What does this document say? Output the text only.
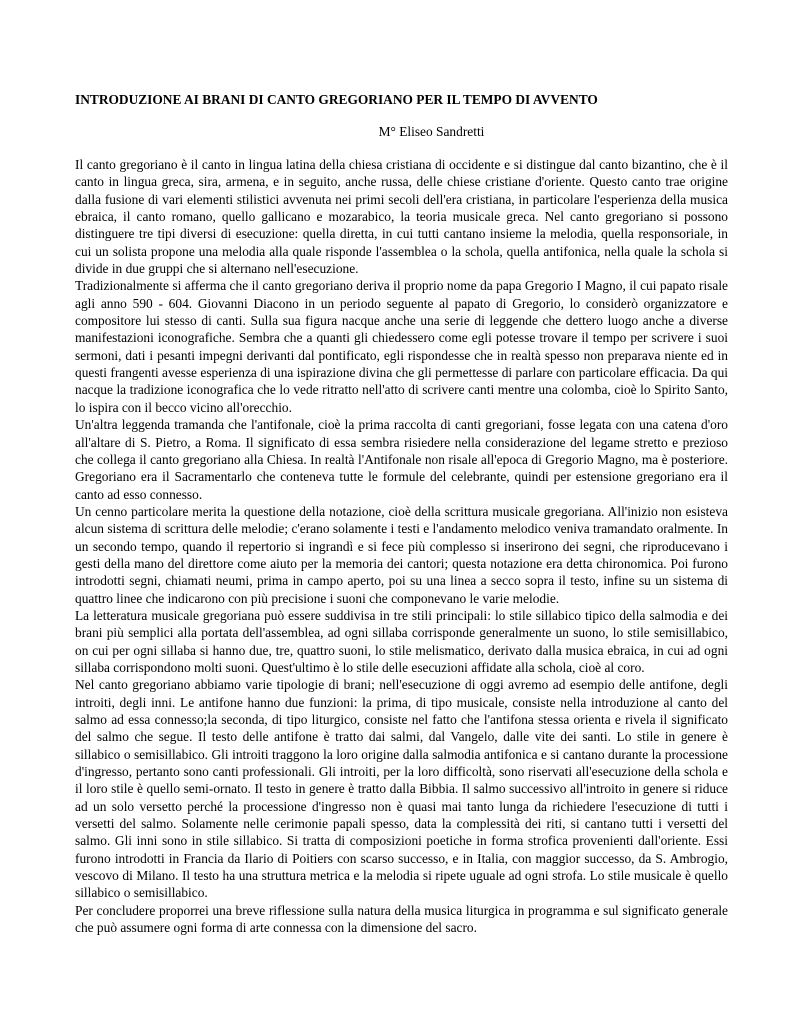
INTRODUZIONE AI BRANI DI CANTO GREGORIANO PER IL TEMPO DI AVVENTO
M° Eliseo Sandretti

Il canto gregoriano è il canto in lingua latina della chiesa cristiana di occidente e si distingue dal canto bizantino, che è il canto in lingua greca, sira, armena, e in seguito, anche russa, delle chiese cristiane d'oriente. Questo canto trae origine dalla fusione di vari elementi stilistici avvenuta nei primi secoli dell'era cristiana, in particolare l'esperienza della musica ebraica, il canto romano, quello gallicano e mozarabico, la teoria musicale greca. Nel canto gregoriano si possono distinguere tre tipi diversi di esecuzione: quella diretta, in cui tutti cantano insieme la melodia, quella responsoriale, in cui un solista propone una melodia alla quale risponde l'assemblea o la schola, quella antifonica, nella quale la schola si divide in due gruppi che si alternano nell'esecuzione.

Tradizionalmente si afferma che il canto gregoriano deriva il proprio nome da papa Gregorio I Magno, il cui papato risale agli anno 590 - 604. Giovanni Diacono in un periodo seguente al papato di Gregorio, lo considerò organizzatore e compositore lui stesso di canti. Sulla sua figura nacque anche una serie di leggende che dettero luogo anche a diverse manifestazioni iconografiche. Sembra che a quanti gli chiedessero come egli potesse trovare il tempo per scrivere i suoi sermoni, dati i pesanti impegni derivanti dal pontificato, egli rispondesse che in realtà spesso non preparava niente ed in questi frangenti avesse esperienza di una ispirazione divina che gli permettesse di parlare con particolare efficacia. Da qui nacque la tradizione iconografica che lo vede ritratto nell'atto di scrivere canti mentre una colomba, cioè lo Spirito Santo, lo ispira con il becco vicino all'orecchio.

Un'altra leggenda tramanda che l'antifonale, cioè la prima raccolta di canti gregoriani, fosse legata con una catena d'oro all'altare di S. Pietro, a Roma. Il significato di essa sembra risiedere nella considerazione del legame stretto e prezioso che collega il canto gregoriano alla Chiesa. In realtà l'Antifonale non risale all'epoca di Gregorio Magno, ma è posteriore. Gregoriano era il Sacramentarlo che conteneva tutte le formule del celebrante, quindi per estensione gregoriano era il canto ad esso connesso.

Un cenno particolare merita la questione della notazione, cioè della scrittura musicale gregoriana. All'inizio non esisteva alcun sistema di scrittura delle melodie; c'erano solamente i testi e l'andamento melodico veniva tramandato oralmente. In un secondo tempo, quando il repertorio si ingrandì e si fece più complesso si inserirono dei segni, che riproducevano i gesti della mano del direttore come aiuto per la memoria dei cantori; questa notazione era detta chironomica. Poi furono introdotti segni, chiamati neumi, prima in campo aperto, poi su una linea a secco sopra il testo, infine su un sistema di quattro linee che indicarono con più precisione i suoni che componevano le varie melodie.

La letteratura musicale gregoriana può essere suddivisa in tre stili principali: lo stile sillabico tipico della salmodia e dei brani più semplici alla portata dell'assemblea, ad ogni sillaba corrisponde generalmente un suono, lo stile semisillabico, on cui per ogni sillaba si hanno due, tre, quattro suoni, lo stile melismatico, derivato dalla musica ebraica, in cui ad ogni sillaba corrispondono molti suoni. Quest'ultimo è lo stile delle esecuzioni affidate alla schola, cioè al coro.

Nel canto gregoriano abbiamo varie tipologie di brani; nell'esecuzione di oggi avremo ad esempio delle antifone, degli introiti, degli inni. Le antifone hanno due funzioni: la prima, di tipo musicale, consiste nella introduzione al canto del salmo ad essa connesso;la seconda, di tipo liturgico, consiste nel fatto che l'antifona stessa orienta e rivela il significato del salmo che segue. Il testo delle antifone è tratto dai salmi, dal Vangelo, dalle vite dei santi. Lo stile in genere è sillabico o semisillabico. Gli introiti traggono la loro origine dalla salmodia antifonica e si cantano durante la processione d'ingresso, pertanto sono canti professionali. Gli introiti, per la loro difficoltà, sono riservati all'esecuzione della schola e il loro stile è quello semi-ornato. Il testo in genere è tratto dalla Bibbia. Il salmo successivo all'introito in genere si riduce ad un solo versetto perché la processione d'ingresso non è quasi mai tanto lunga da richiedere l'esecuzione di tutti i versetti del salmo. Solamente nelle cerimonie papali spesso, data la complessità dei riti, si cantano tutti i versetti del salmo. Gli inni sono in stile sillabico. Si tratta di composizioni poetiche in forma strofica provenienti dall'oriente. Essi furono introdotti in Francia da Ilario di Poitiers con scarso successo, e in Italia, con maggior successo, da S. Ambrogio, vescovo di Milano. Il testo ha una struttura metrica e la melodia si ripete uguale ad ogni strofa. Lo stile musicale è quello sillabico o semisillabico.

Per concludere proporrei una breve riflessione sulla natura della musica liturgica in programma e sul significato generale che può assumere ogni forma di arte connessa con la dimensione del sacro.
